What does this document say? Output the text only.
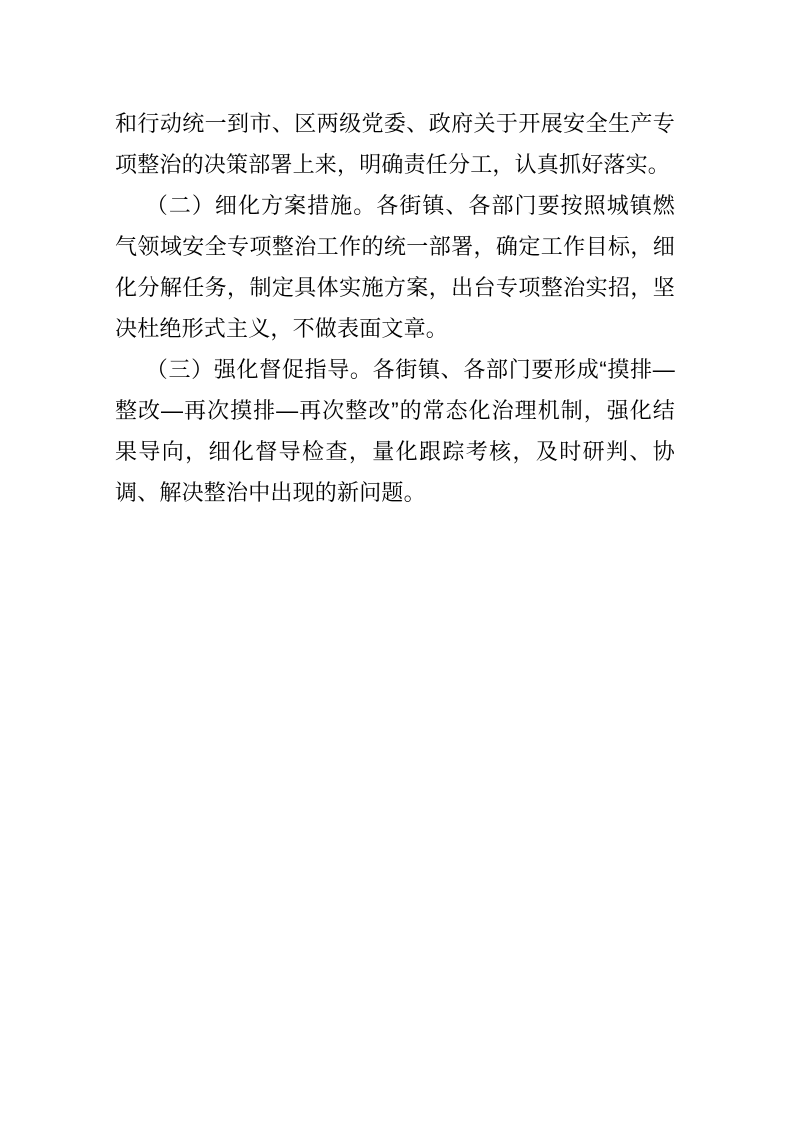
和行动统一到市、区两级党委、政府关于开展安全生产专项整治的决策部署上来，明确责任分工，认真抓好落实。

（二）细化方案措施。各街镇、各部门要按照城镇燃气领域安全专项整治工作的统一部署，确定工作目标，细化分解任务，制定具体实施方案，出台专项整治实招，坚决杜绝形式主义，不做表面文章。

（三）强化督促指导。各街镇、各部门要形成“摸排—整改—再次摸排—再次整改”的常态化治理机制，强化结果导向，细化督导检查，量化跟踪考核，及时研判、协调、解决整治中出现的新问题。
